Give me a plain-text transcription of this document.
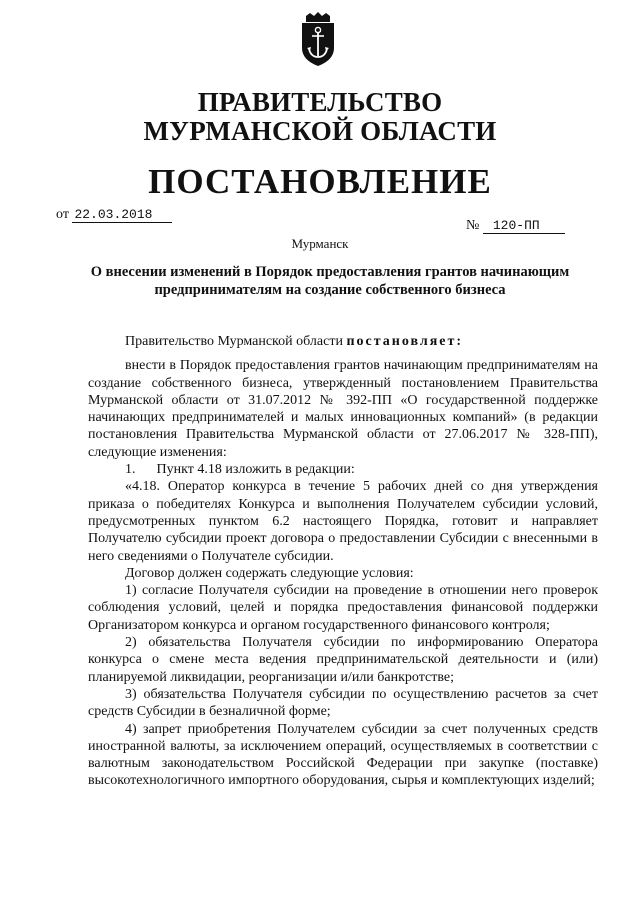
ПРАВИТЕЛЬСТВО
МУРМАНСКОЙ ОБЛАСТИ
ПОСТАНОВЛЕНИЕ
от 22.03.2018
№ 120-ПП
Мурманск
О внесении изменений в Порядок предоставления грантов начинающим предпринимателям на создание собственного бизнеса

Правительство Мурманской области постановляет:

внести в Порядок предоставления грантов начинающим предпринимателям на создание собственного бизнеса, утвержденный постановлением Правительства Мурманской области от 31.07.2012 № 392-ПП «О государственной поддержке начинающих предпринимателей и малых инновационных компаний» (в редакции постановления Правительства Мурманской области от 27.06.2017 № 328-ПП), следующие изменения:

1.      Пункт 4.18 изложить в редакции:

«4.18. Оператор конкурса в течение 5 рабочих дней со дня утверждения приказа о победителях Конкурса и выполнения Получателем субсидии условий, предусмотренных пунктом 6.2 настоящего Порядка, готовит и направляет Получателю субсидии проект договора о предоставлении Субсидии с внесенными в него сведениями о Получателе субсидии.

Договор должен содержать следующие условия:

1) согласие Получателя субсидии на проведение в отношении него проверок соблюдения условий, целей и порядка предоставления финансовой поддержки Организатором конкурса и органом государственного финансового контроля;

2) обязательства Получателя субсидии по информированию Оператора конкурса о смене места ведения предпринимательской деятельности и (или) планируемой ликвидации, реорганизации и/или банкротстве;

3) обязательства Получателя субсидии по осуществлению расчетов за счет средств Субсидии в безналичной форме;

4) запрет приобретения Получателем субсидии за счет полученных средств иностранной валюты, за исключением операций, осуществляемых в соответствии с валютным законодательством Российской Федерации при закупке (поставке) высокотехнологичного импортного оборудования, сырья и комплектующих изделий;
